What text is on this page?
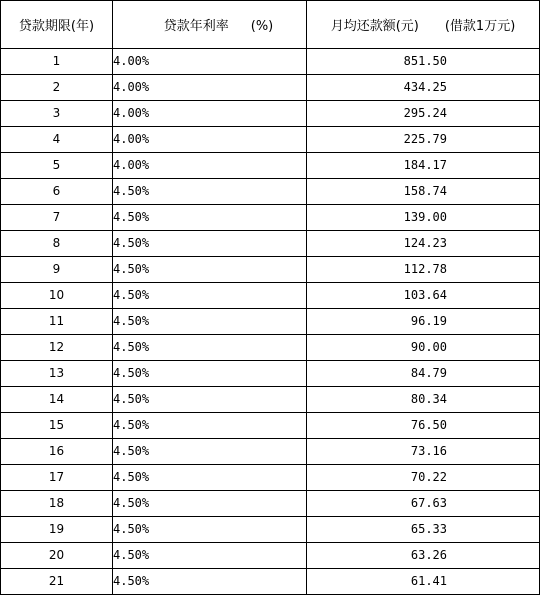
贷款期限(年)	贷款年利率 (%)	月均还款额(元) (借款1万元)
1	4.00%	851.50
2	4.00%	434.25
3	4.00%	295.24
4	4.00%	225.79
5	4.00%	184.17
6	4.50%	158.74
7	4.50%	139.00
8	4.50%	124.23
9	4.50%	112.78
10	4.50%	103.64
11	4.50%	96.19
12	4.50%	90.00
13	4.50%	84.79
14	4.50%	80.34
15	4.50%	76.50
16	4.50%	73.16
17	4.50%	70.22
18	4.50%	67.63
19	4.50%	65.33
20	4.50%	63.26
21	4.50%	61.41
